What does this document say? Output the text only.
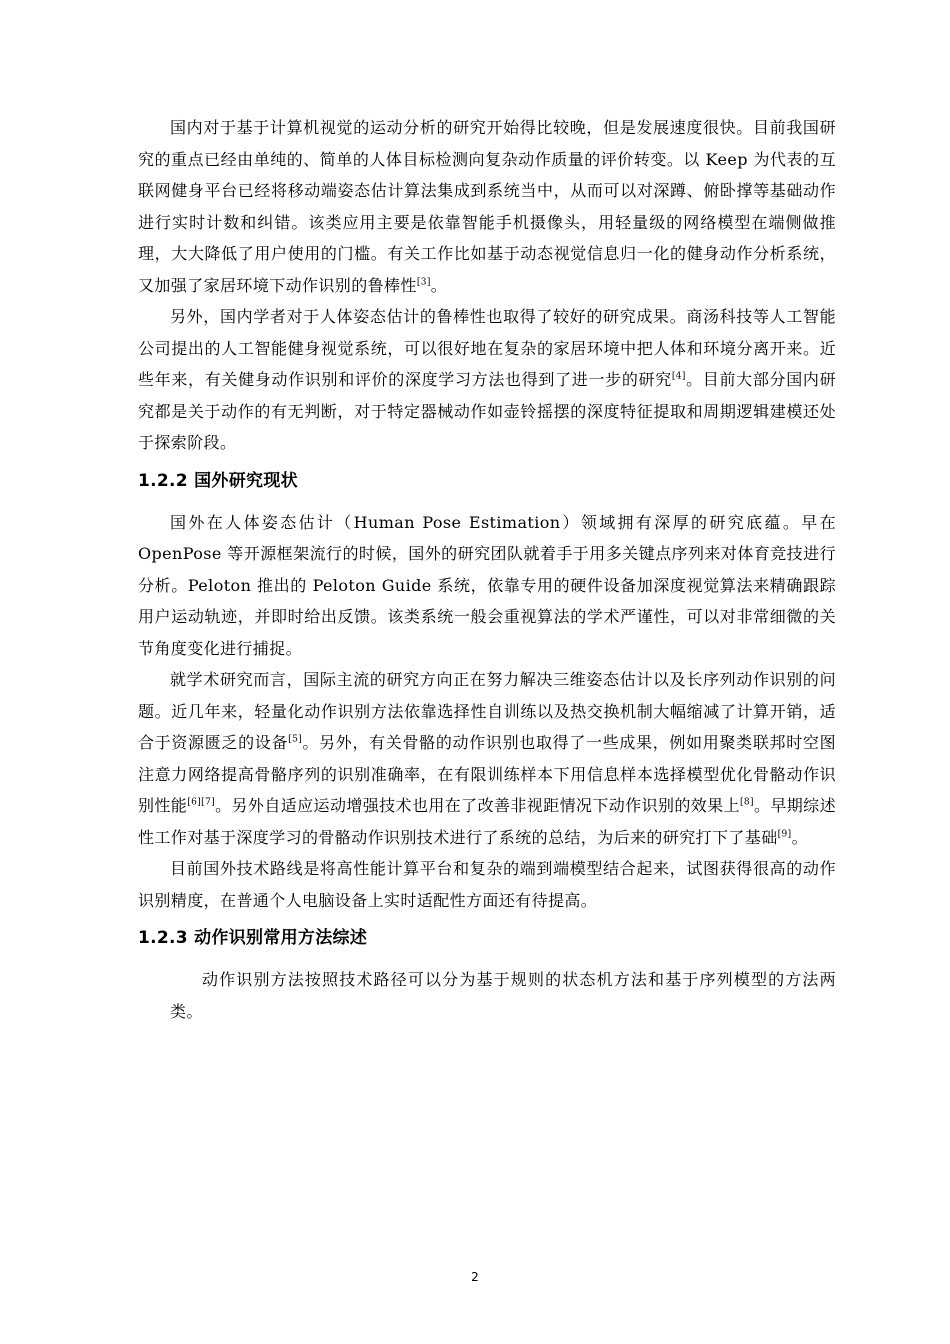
国内对于基于计算机视觉的运动分析的研究开始得比较晚，但是发展速度很快。目前我国研究的重点已经由单纯的、简单的人体目标检测向复杂动作质量的评价转变。以 Keep 为代表的互联网健身平台已经将移动端姿态估计算法集成到系统当中，从而可以对深蹲、俯卧撑等基础动作进行实时计数和纠错。该类应用主要是依靠智能手机摄像头，用轻量级的网络模型在端侧做推理，大大降低了用户使用的门槛。有关工作比如基于动态视觉信息归一化的健身动作分析系统，又加强了家居环境下动作识别的鲁棒性[3]。

另外，国内学者对于人体姿态估计的鲁棒性也取得了较好的研究成果。商汤科技等人工智能公司提出的人工智能健身视觉系统，可以很好地在复杂的家居环境中把人体和环境分离开来。近些年来，有关健身动作识别和评价的深度学习方法也得到了进一步的研究[4]。目前大部分国内研究都是关于动作的有无判断，对于特定器械动作如壶铃摇摆的深度特征提取和周期逻辑建模还处于探索阶段。

1.2.2 国外研究现状

国外在人体姿态估计（Human Pose Estimation）领域拥有深厚的研究底蕴。早在 OpenPose 等开源框架流行的时候，国外的研究团队就着手于用多关键点序列来对体育竞技进行分析。Peloton 推出的 Peloton Guide 系统，依靠专用的硬件设备加深度视觉算法来精确跟踪用户运动轨迹，并即时给出反馈。该类系统一般会重视算法的学术严谨性，可以对非常细微的关节角度变化进行捕捉。

就学术研究而言，国际主流的研究方向正在努力解决三维姿态估计以及长序列动作识别的问题。近几年来，轻量化动作识别方法依靠选择性自训练以及热交换机制大幅缩减了计算开销，适合于资源匮乏的设备[5]。另外，有关骨骼的动作识别也取得了一些成果，例如用聚类联邦时空图注意力网络提高骨骼序列的识别准确率，在有限训练样本下用信息样本选择模型优化骨骼动作识别性能[6][7]。另外自适应运动增强技术也用在了改善非视距情况下动作识别的效果上[8]。早期综述性工作对基于深度学习的骨骼动作识别技术进行了系统的总结，为后来的研究打下了基础[9]。

目前国外技术路线是将高性能计算平台和复杂的端到端模型结合起来，试图获得很高的动作识别精度，在普通个人电脑设备上实时适配性方面还有待提高。

1.2.3 动作识别常用方法综述

动作识别方法按照技术路径可以分为基于规则的状态机方法和基于序列模型的方法两类。

2
